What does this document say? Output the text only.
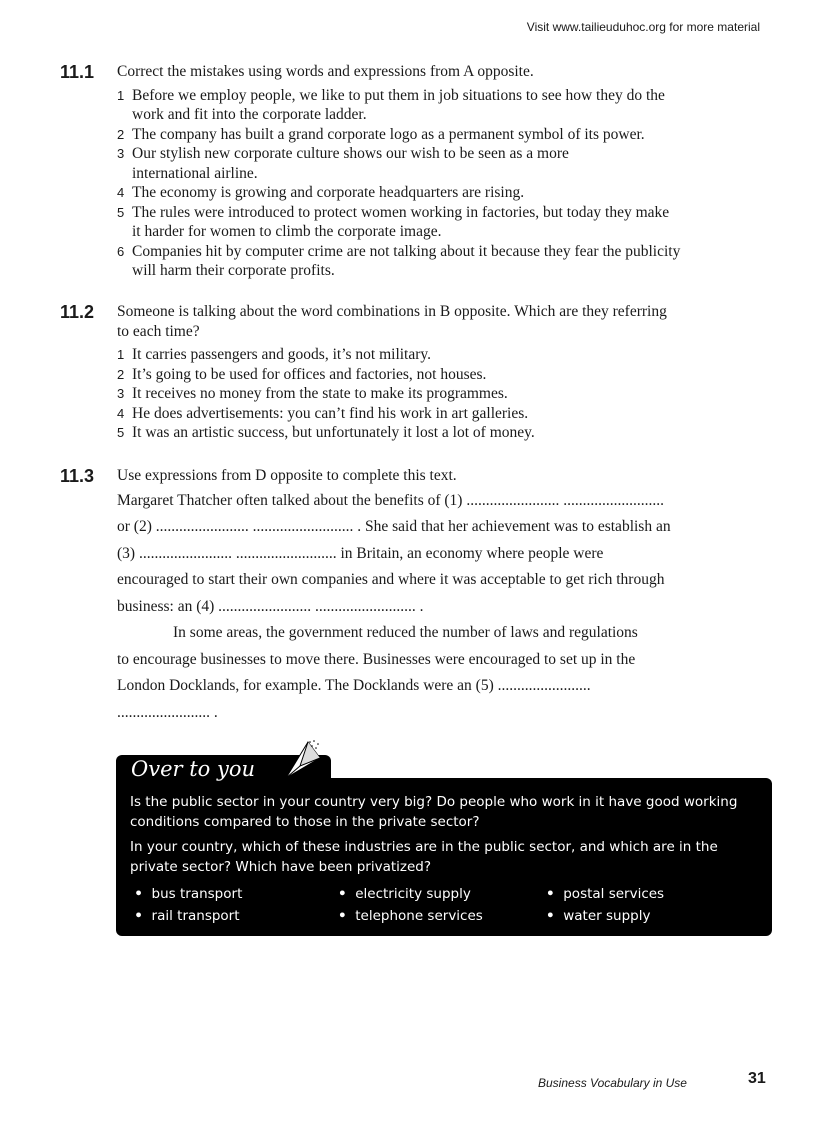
Visit www.tailieuduhoc.org for more material
11.1 Correct the mistakes using words and expressions from A opposite.

1 Before we employ people, we like to put them in job situations to see how they do the
work and fit into the corporate ladder.
2 The company has built a grand corporate logo as a permanent symbol of its power.
3 Our stylish new corporate culture shows our wish to be seen as a more
international airline.
4 The economy is growing and corporate headquarters are rising.
5 The rules were introduced to protect women working in factories, but today they make
it harder for women to climb the corporate image.
6 Companies hit by computer crime are not talking about it because they fear the publicity
will harm their corporate profits.
11.2 Someone is talking about the word combinations in B opposite. Which are they referring
to each time?

1 It carries passengers and goods, it’s not military.
2 It’s going to be used for offices and factories, not houses.
3 It receives no money from the state to make its programmes.
4 He does advertisements: you can’t find his work in art galleries.
5 It was an artistic success, but unfortunately it lost a lot of money.
11.3 Use expressions from D opposite to complete this text.

Margaret Thatcher often talked about the benefits of (1) ........................ ..........................
or (2) ........................ .......................... . She said that her achievement was to establish an
(3) ........................ .......................... in Britain, an economy where people were
encouraged to start their own companies and where it was acceptable to get rich through
business: an (4) ........................ .......................... .
In some areas, the government reduced the number of laws and regulations
to encourage businesses to move there. Businesses were encouraged to set up in the
London Docklands, for example. The Docklands were an (5) ........................
........................ .

Is the public sector in your country very big? Do people who work in it have good working
conditions compared to those in the private sector?

In your country, which of these industries are in the public sector, and which are in the
private sector? Which have been privatized?

• bus transport	• electricity supply	• postal services
• rail transport	• telephone services	• water supply
Over to you
Business Vocabulary in Use	31
